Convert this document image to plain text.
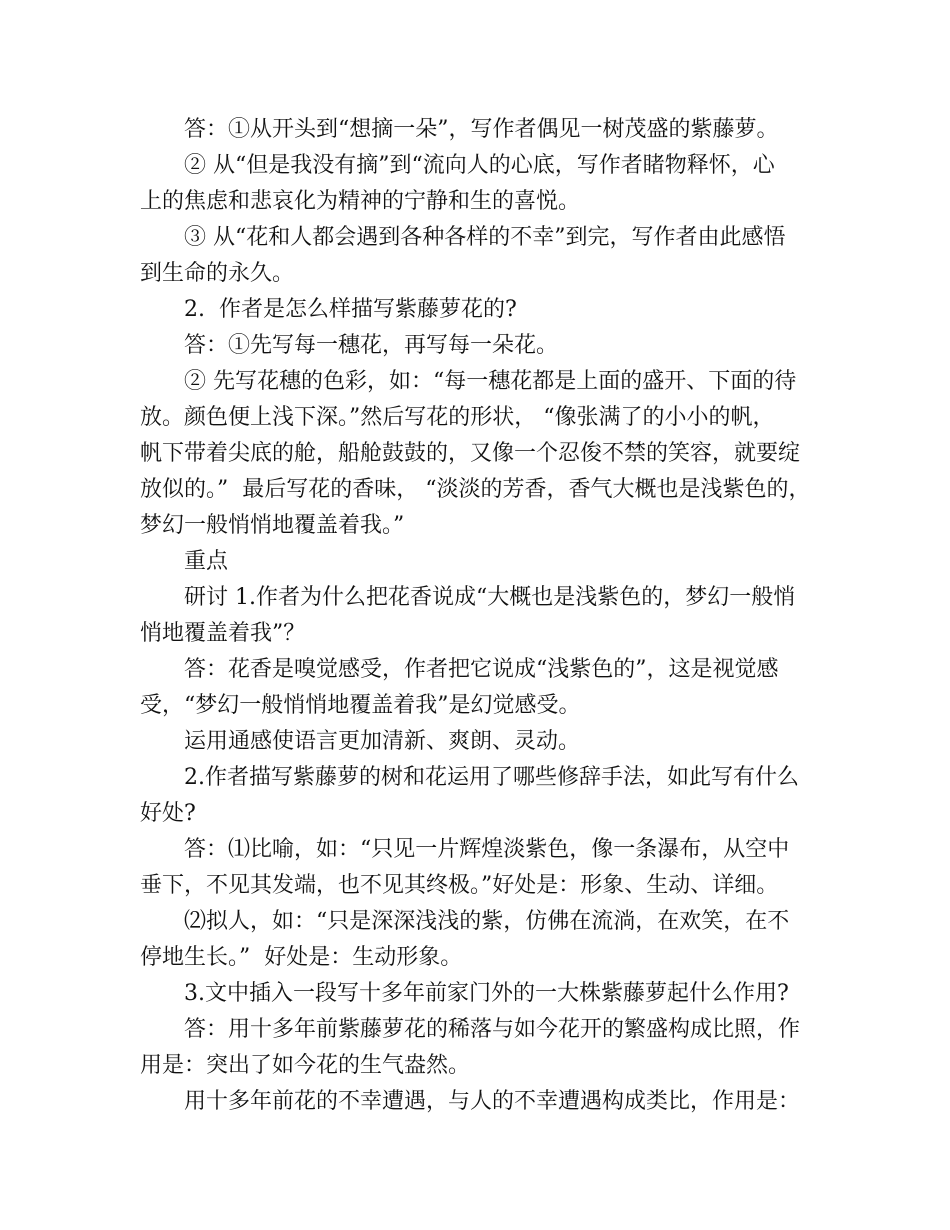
答：①从开头到“想摘一朵”，写作者偶见一树茂盛的紫藤萝。
② 从“但是我没有摘”到“流向人的心底，写作者睹物释怀，心
上的焦虑和悲哀化为精神的宁静和生的喜悦。
③ 从“花和人都会遇到各种各样的不幸”到完，写作者由此感悟
到生命的永久。
2.  作者是怎么样描写紫藤萝花的?
答：①先写每一穗花，再写每一朵花。
② 先写花穗的色彩，如：“每一穗花都是上面的盛开、下面的待
放。颜色便上浅下深。”然后写花的形状， “像张满了的小小的帆，
帆下带着尖底的舱，船舱鼓鼓的，又像一个忍俊不禁的笑容，就要绽
放似的。”  最后写花的香味， “淡淡的芳香，香气大概也是浅紫色的，
梦幻一般悄悄地覆盖着我。”
重点
研讨 1.作者为什么把花香说成“大概也是浅紫色的，梦幻一般悄
悄地覆盖着我”？
答：花香是嗅觉感受，作者把它说成“浅紫色的”，这是视觉感
受，“梦幻一般悄悄地覆盖着我”是幻觉感受。
运用通感使语言更加清新、爽朗、灵动。
2.作者描写紫藤萝的树和花运用了哪些修辞手法，如此写有什么
好处?
答：⑴比喻，如：“只见一片辉煌淡紫色，像一条瀑布，从空中
垂下，不见其发端，也不见其终极。”好处是：形象、生动、详细。
⑵拟人，如：“只是深深浅浅的紫，仿佛在流淌，在欢笑，在不
停地生长。”  好处是：生动形象。
3.文中插入一段写十多年前家门外的一大株紫藤萝起什么作用?
答：用十多年前紫藤萝花的稀落与如今花开的繁盛构成比照，作
用是：突出了如今花的生气盎然。
用十多年前花的不幸遭遇，与人的不幸遭遇构成类比，作用是：
